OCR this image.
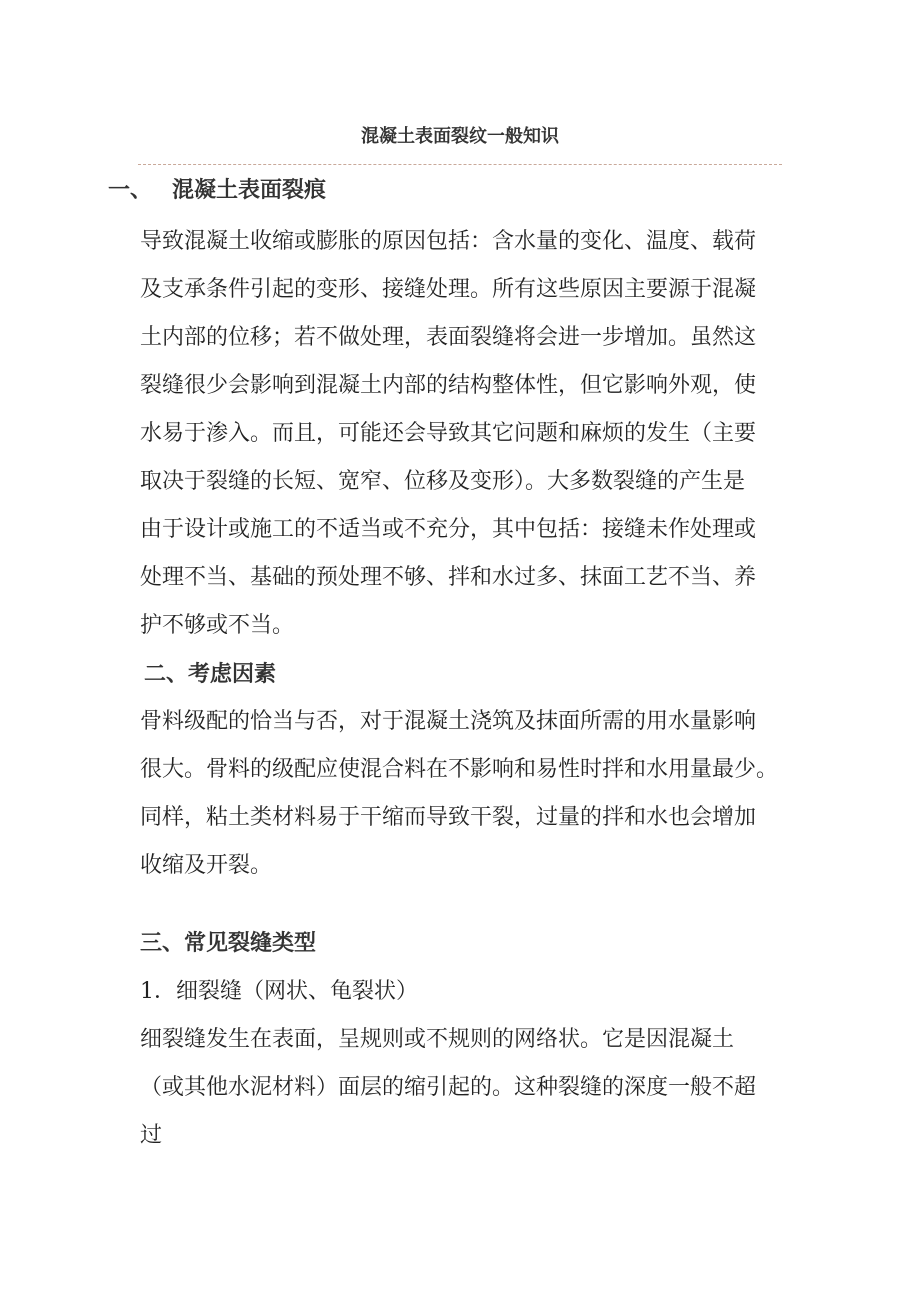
混凝土表面裂纹一般知识
一、 混凝土表面裂痕
二、考虑因素
三、常见裂缝类型
1．细裂缝（网状、龟裂状）
导致混凝土收缩或膨胀的原因包括：含水量的变化、温度、载荷
及支承条件引起的变形、接缝处理。所有这些原因主要源于混凝
土内部的位移；若不做处理，表面裂缝将会进一步增加。虽然这
裂缝很少会影响到混凝土内部的结构整体性，但它影响外观，使
水易于渗入。而且，可能还会导致其它问题和麻烦的发生（主要
取决于裂缝的长短、宽窄、位移及变形）。大多数裂缝的产生是
由于设计或施工的不适当或不充分，其中包括：接缝未作处理或
处理不当、基础的预处理不够、拌和水过多、抹面工艺不当、养
护不够或不当。
骨料级配的恰当与否，对于混凝土浇筑及抹面所需的用水量影响
很大。骨料的级配应使混合料在不影响和易性时拌和水用量最少。
同样，粘土类材料易于干缩而导致干裂，过量的拌和水也会增加
收缩及开裂。
细裂缝发生在表面，呈规则或不规则的网络状。它是因混凝土
（或其他水泥材料）面层的缩引起的。这种裂缝的深度一般不超
过
